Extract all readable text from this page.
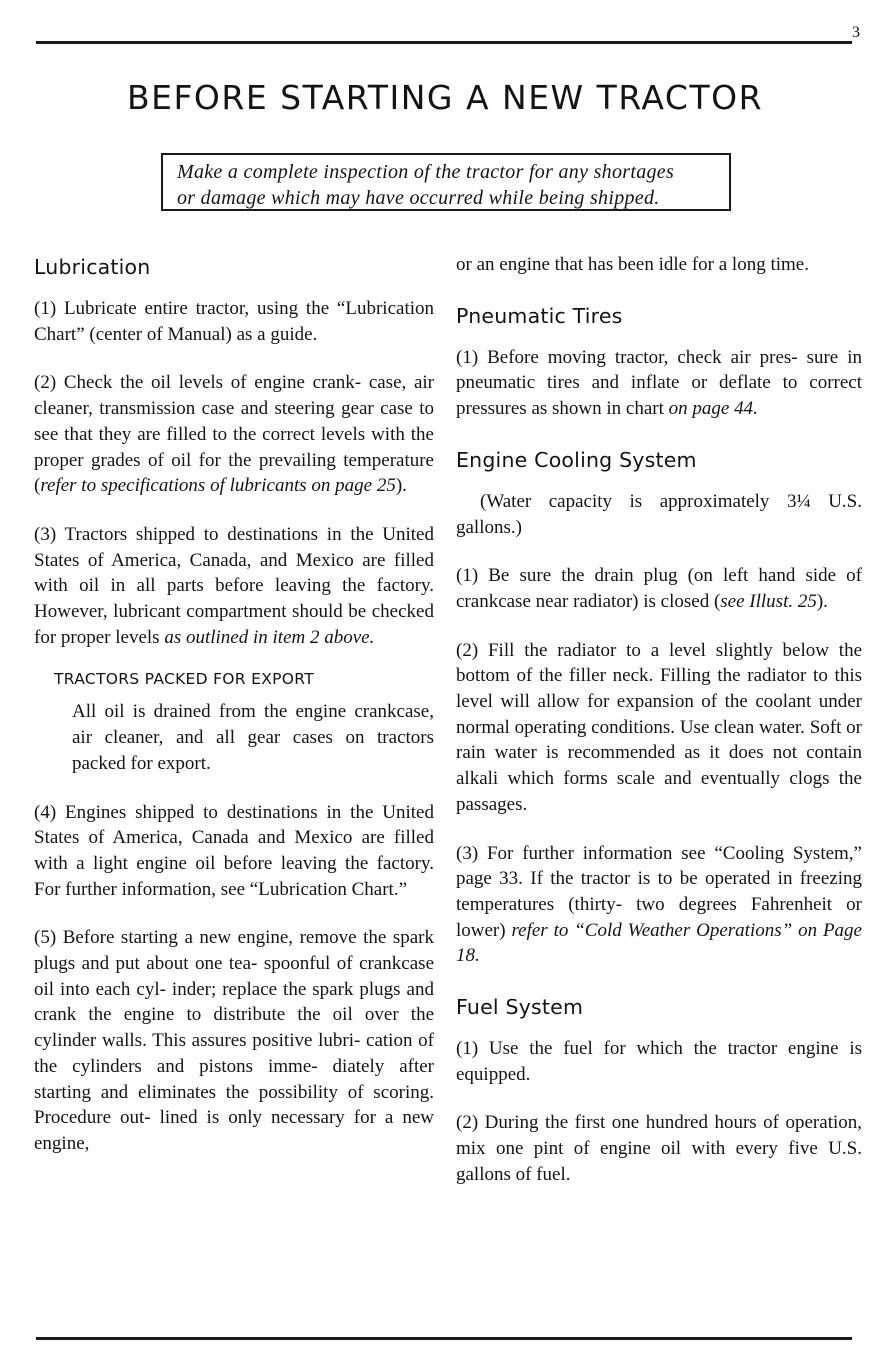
3
BEFORE STARTING A NEW TRACTOR
Make a complete inspection of the tractor for any shortages
or damage which may have occurred while being shipped.
Lubrication

(1) Lubricate entire tractor, using the “Lubrication Chart” (center of Manual) as a guide.

(2) Check the oil levels of engine crank- case, air cleaner, transmission case and steering gear case to see that they are filled to the correct levels with the proper grades of oil for the prevailing temperature (refer to specifications of lubricants on page 25).

(3) Tractors shipped to destinations in the United States of America, Canada, and Mexico are filled with oil in all parts before leaving the factory. However, lubricant compartment should be checked for proper levels as outlined in item 2 above.

TRACTORS PACKED FOR EXPORT

All oil is drained from the engine crankcase, air cleaner, and all gear cases on tractors packed for export.

(4) Engines shipped to destinations in the United States of America, Canada and Mexico are filled with a light engine oil before leaving the factory. For further information, see “Lubrication Chart.”

(5) Before starting a new engine, remove the spark plugs and put about one tea- spoonful of crankcase oil into each cyl- inder; replace the spark plugs and crank the engine to distribute the oil over the cylinder walls. This assures positive lubri- cation of the cylinders and pistons imme- diately after starting and eliminates the possibility of scoring. Procedure out- lined is only necessary for a new engine,

or an engine that has been idle for a long time.

Pneumatic Tires

(1) Before moving tractor, check air pres- sure in pneumatic tires and inflate or deflate to correct pressures as shown in chart on page 44.

Engine Cooling System

(Water capacity is approximately 3¼ U.S. gallons.)

(1) Be sure the drain plug (on left hand side of crankcase near radiator) is closed (see Illust. 25).

(2) Fill the radiator to a level slightly below the bottom of the filler neck. Filling the radiator to this level will allow for expansion of the coolant under normal operating conditions. Use clean water. Soft or rain water is recommended as it does not contain alkali which forms scale and eventually clogs the passages.

(3) For further information see “Cooling System,” page 33. If the tractor is to be operated in freezing temperatures (thirty- two degrees Fahrenheit or lower) refer to “Cold Weather Operations” on Page 18.

Fuel System

(1) Use the fuel for which the tractor engine is equipped.

(2) During the first one hundred hours of operation, mix one pint of engine oil with every five U.S. gallons of fuel.
